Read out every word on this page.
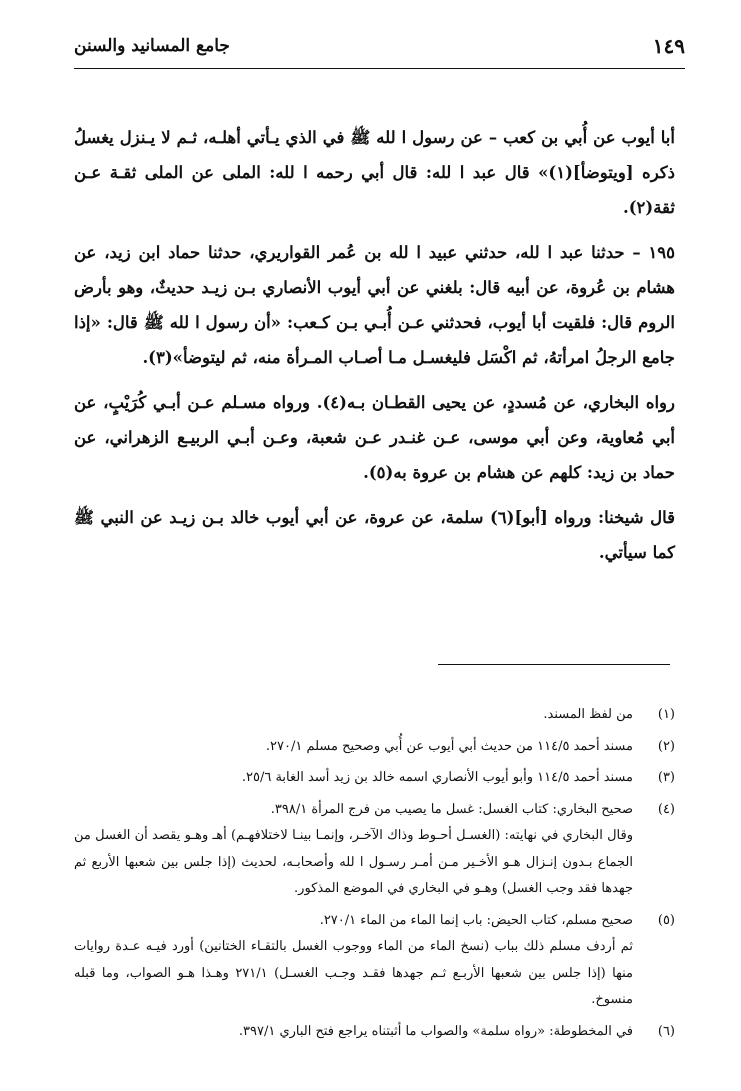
١٤٩
جامع المسانيد والسنن

أبا أيوب عن أُبي بن كعب – عن رسول ا لله ﷺ في الذي يـأتي أهلـه، ثـم لا يـنزل يغسلُ ذكره [ويتوضأ](١)» قال عبد ا لله: قال أبي رحمه ا لله: الملى عن الملى ثقـة عـن ثقة(٢).

١٩٥ – حدثنا عبد ا لله، حدثني عبيد ا لله بن عُمر القواريري، حدثنا حماد ابن زيد، عن هشام بن عُروة، عن أبيه قال: بلغني عن أبي أيوب الأنصاري بـن زيـد حديثٌ، وهو بأرض الروم قال: فلقيت أبا أيوب، فحدثني عـن أُبـي بـن كـعب: «أن رسول ا لله ﷺ قال: «إذا جامع الرجلُ امرأتهُ، ثم اكْسَل فليغسـل مـا أصـاب المـرأة منه، ثم ليتوضأ»(٣).

رواه البخاري، عن مُسددٍ، عن يحيى القطـان بـه(٤). ورواه مسـلم عـن أبـي كُرَيْبٍ، عن أبي مُعاوية، وعن أبي موسى، عـن غنـدر عـن شعبة، وعـن أبـي الربيـع الزهراني، عن حماد بن زيد: كلهم عن هشام بن عروة به(٥).

قال شيخنا: ورواه [أبو](٦) سلمة، عن عروة، عن أبي أيوب خالد بـن زيـد عن النبي ﷺ كما سيأتي.

(١)
من لفظ المسند.
(٢)
مسند أحمد ١١٤/٥ من حديث أبي أيوب عن أُبي وصحيح مسلم ٢٧٠/١.
(٣)
مسند أحمد ١١٤/٥ وأبو أيوب الأنصاري اسمه خالد بن زيد أسد الغابة ٢٥/٦.
(٤)
صحيح البخاري: كتاب الغسل: غسل ما يصيب من فرج المرأة ٣٩٨/١.
وقال البخاري في نهايته: (الغسـل أحـوط وذاك الآخـر، وإنمـا بينـا لاختلافهـم) أهـ وهـو يقصد أن الغسل من الجماع بـدون إنـزال هـو الأخـير مـن أمـر رسـول ا لله وأصحابـه، لحديث (إذا جلس بين شعبها الأربع ثم جهدها فقد وجب الغسل) وهـو في البخاري في الموضع المذكور.
(٥)
صحيح مسلم، كتاب الحيض: باب إنما الماء من الماء ٢٧٠/١.
ثم أردف مسلم ذلك بباب (نسخ الماء من الماء ووجوب الغسل بالتقـاء الختانين) أورد فيـه عـدة روايات منها (إذا جلس بين شعبها الأربـع ثـم جهدها فقـد وجـب الغسـل) ٢٧١/١ وهـذا هـو الصواب، وما قبله منسوخ.
(٦)
في المخطوطة: «رواه سلمة» والصواب ما أثبتناه يراجع فتح الباري ٣٩٧/١.
